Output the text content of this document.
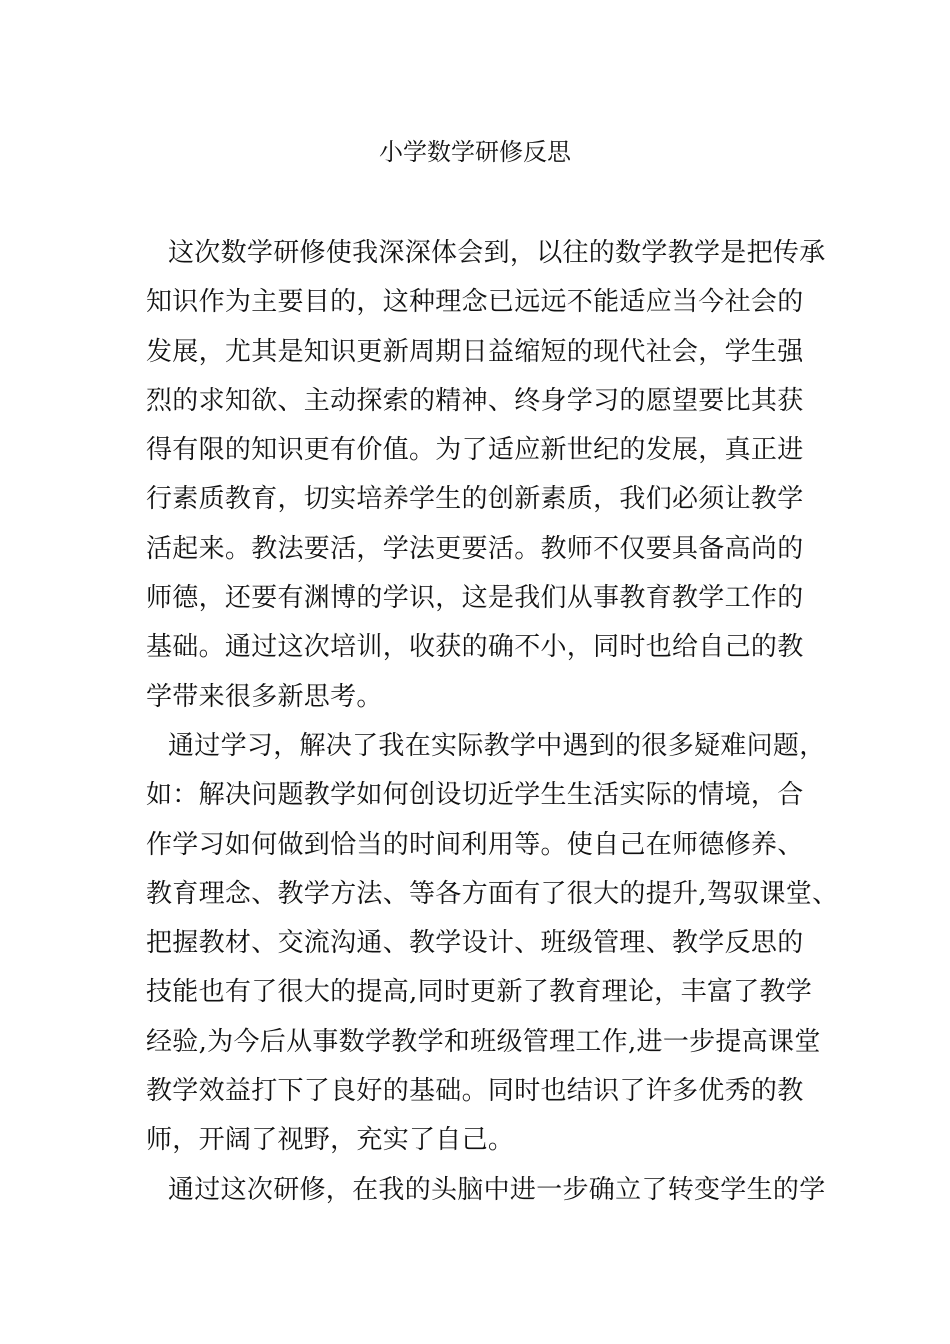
小学数学研修反思
这次数学研修使我深深体会到，以往的数学教学是把传承
知识作为主要目的，这种理念已远远不能适应当今社会的
发展，尤其是知识更新周期日益缩短的现代社会，学生强
烈的求知欲、主动探索的精神、终身学习的愿望要比其获
得有限的知识更有价值。为了适应新世纪的发展，真正进
行素质教育，切实培养学生的创新素质，我们必须让教学
活起来。教法要活，学法更要活。教师不仅要具备高尚的
师德，还要有渊博的学识，这是我们从事教育教学工作的
基础。通过这次培训，收获的确不小，同时也给自己的教
学带来很多新思考。
通过学习，解决了我在实际教学中遇到的很多疑难问题，
如：解决问题教学如何创设切近学生生活实际的情境，合
作学习如何做到恰当的时间利用等。使自己在师德修养、
教育理念、教学方法、等各方面有了很大的提升,驾驭课堂、
把握教材、交流沟通、教学设计、班级管理、教学反思的
技能也有了很大的提高,同时更新了教育理论，丰富了教学
经验,为今后从事数学教学和班级管理工作,进一步提高课堂
教学效益打下了良好的基础。同时也结识了许多优秀的教
师，开阔了视野，充实了自己。
通过这次研修，在我的头脑中进一步确立了转变学生的学
